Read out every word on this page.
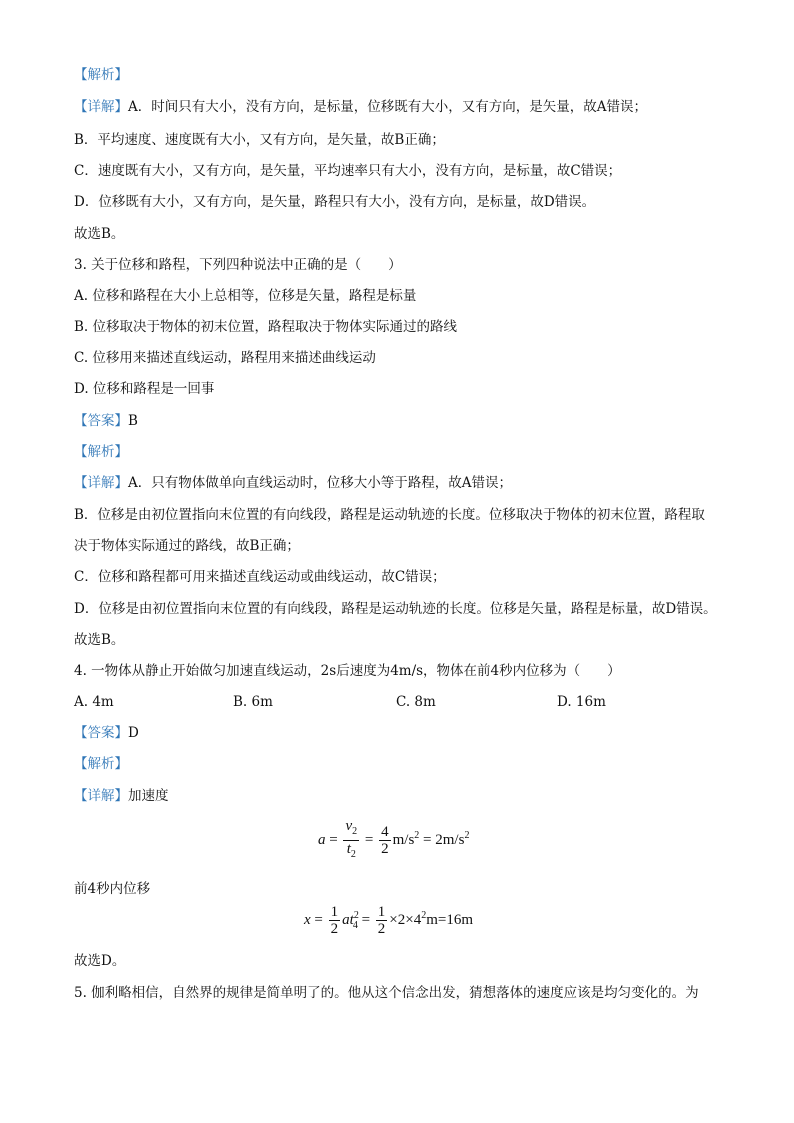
【解析】
【详解】A．时间只有大小，没有方向，是标量，位移既有大小，又有方向，是矢量，故A错误；
B．平均速度、速度既有大小，又有方向，是矢量，故B正确；
C．速度既有大小，又有方向，是矢量，平均速率只有大小，没有方向，是标量，故C错误；
D．位移既有大小，又有方向，是矢量，路程只有大小，没有方向，是标量，故D错误。
故选B。
3. 关于位移和路程，下列四种说法中正确的是（　　）
A. 位移和路程在大小上总相等，位移是矢量，路程是标量
B. 位移取决于物体的初末位置，路程取决于物体实际通过的路线
C. 位移用来描述直线运动，路程用来描述曲线运动
D. 位移和路程是一回事
【答案】B
【解析】
【详解】A．只有物体做单向直线运动时，位移大小等于路程，故A错误；
B．位移是由初位置指向末位置的有向线段，路程是运动轨迹的长度。位移取决于物体的初末位置，路程取
决于物体实际通过的路线，故B正确；
C．位移和路程都可用来描述直线运动或曲线运动，故C错误；
D．位移是由初位置指向末位置的有向线段，路程是运动轨迹的长度。位移是矢量，路程是标量，故D错误。
故选B。
4. 一物体从静止开始做匀加速直线运动，2s后速度为4m/s，物体在前4秒内位移为（　　）
A. 4m	B. 6m	C. 8m	D. 16m
【答案】D
【解析】
【详解】加速度
$a = \frac{v_2}{t_2} = \frac{4}{2} m/s^2 = 2m/s^2$
前4秒内位移
$x = \frac{1}{2} at^2_4 = \frac{1}{2} \times 2\times 4^2m=16m$
故选D。
5. 伽利略相信，自然界的规律是简单明了的。他从这个信念出发，猜想落体的速度应该是均匀变化的。为
